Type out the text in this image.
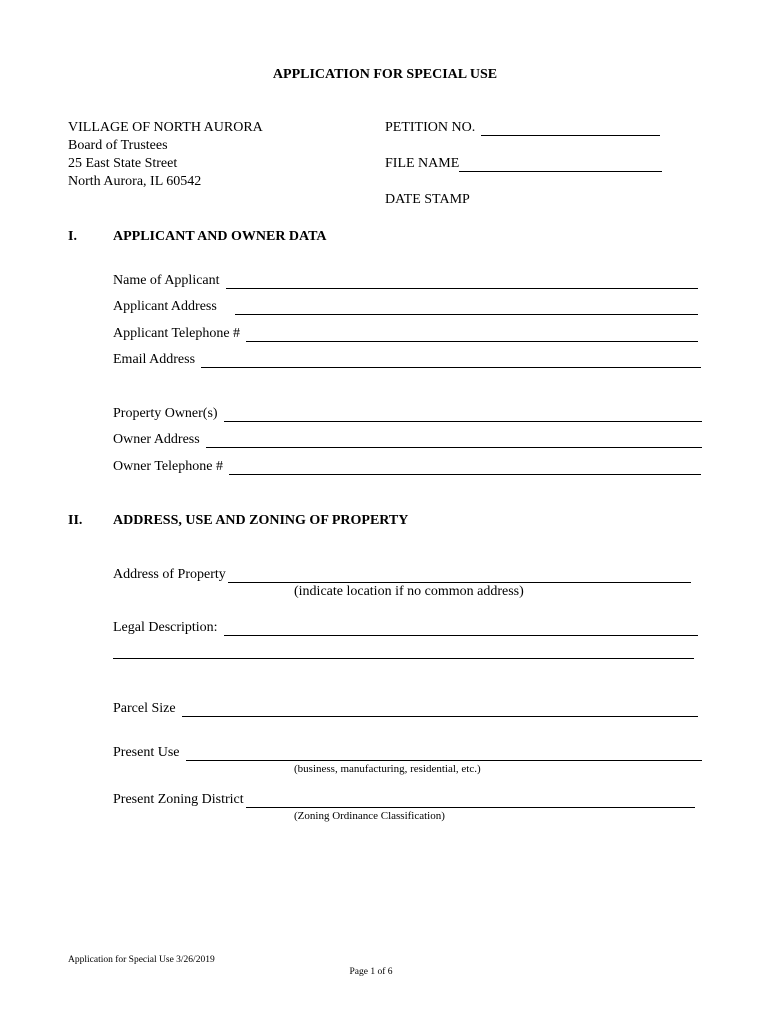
APPLICATION FOR SPECIAL USE
VILLAGE OF NORTH AURORA
Board of Trustees
25 East State Street
North Aurora, IL 60542
PETITION NO.
FILE NAME
DATE STAMP
I.	APPLICANT AND OWNER DATA
Name of Applicant
Applicant Address
Applicant Telephone #
Email Address
Property Owner(s)
Owner Address
Owner Telephone #
II. ADDRESS, USE AND ZONING OF PROPERTY
Address of Property
(indicate location if no common address)
Legal Description:
Parcel Size
Present Use
(business, manufacturing, residential, etc.)
Present Zoning District
(Zoning Ordinance Classification)
Application for Special Use 3/26/2019
Page 1 of 6
